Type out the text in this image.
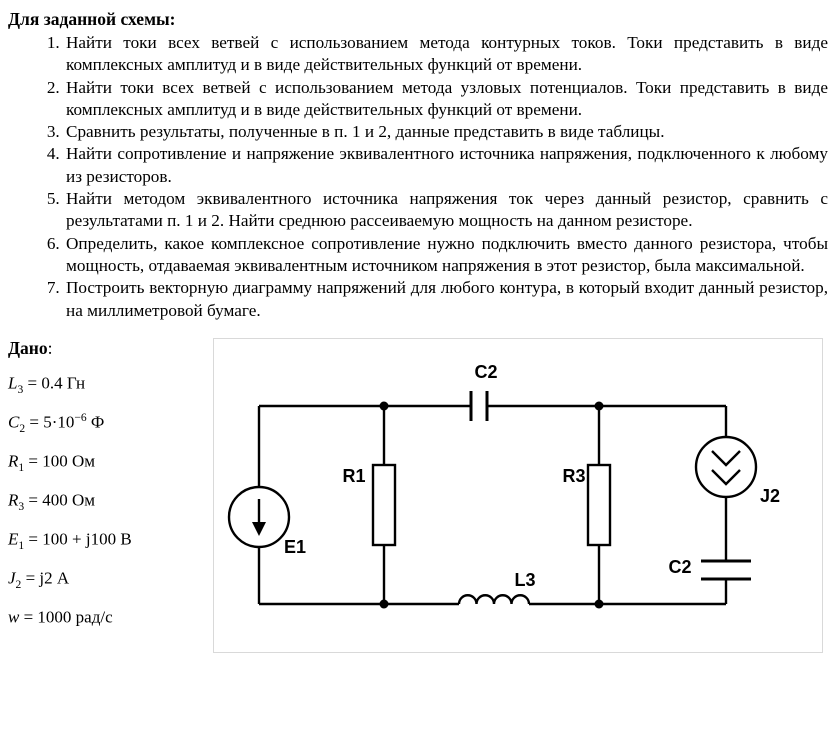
Для заданной схемы:
1. Найти токи всех ветвей с использованием метода контурных токов. Токи представить в виде комплексных амплитуд и в виде действительных функций от времени.
2. Найти токи всех ветвей с использованием метода узловых потенциалов. Токи представить в виде комплексных амплитуд и в виде действительных функций от времени.
3. Сравнить результаты, полученные в п. 1 и 2, данные представить в виде таблицы.
4. Найти сопротивление и напряжение эквивалентного источника напряжения, подключенного к любому из резисторов.
5. Найти методом эквивалентного источника напряжения ток через данный резистор, сравнить с результатами п. 1 и 2. Найти среднюю рассеиваемую мощность на данном резисторе.
6. Определить, какое комплексное сопротивление нужно подключить вместо данного резистора, чтобы мощность, отдаваемая эквивалентным источником напряжения в этот резистор, была максимальной.
7. Построить векторную диаграмму напряжений для любого контура, в который входит данный резистор, на миллиметровой бумаге.
Дано:
$L_3 = 0.4$ Гн
$C_2 = 5\cdot 10^{-6}$ Ф
$R_1 = 100$ Ом
$R_3 = 400$ Ом
$E_1 = 100 + j100$ В
$J_2 = j2$ А
w = 1000 рад/с
C2
R1	R3
J2
C2
E1
L3
